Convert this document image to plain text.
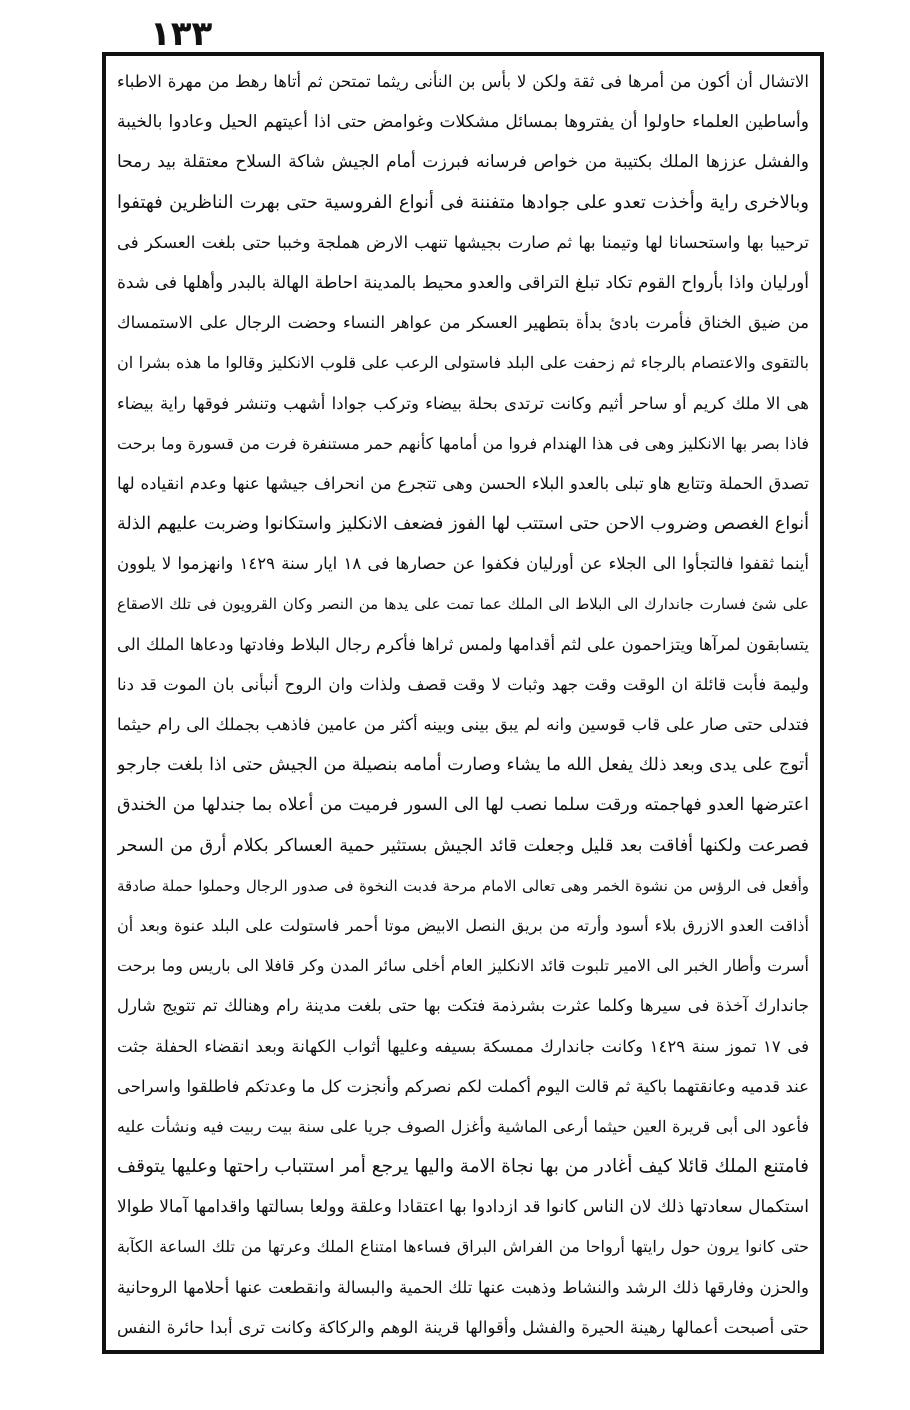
١٣٣
الاتشال أن أكون من أمرها فى ثقة ولكن لا بأس بن النأنى ريثما تمتحن ثم أتاها رهط من مهرة الاطباء
وأساطين العلماء حاولوا أن يفتروها بمسائل مشكلات وغوامض حتى اذا أعيتهم الحيل وعادوا بالخيبة
والفشل عززها الملك بكتيبة من خواص فرسانه فبرزت أمام الجيش شاكة السلاح معتقلة بيد رمحا
وبالاخرى راية وأخذت تعدو على جوادها متفننة فى أنواع الفروسية حتى بهرت الناظرين فهتفوا
ترحيبا بها واستحسانا لها وتيمنا بها ثم صارت بجيشها تنهب الارض هملجة وخببا حتى بلغت العسكر فى
أورليان واذا بأرواح القوم تكاد تبلغ التراقى والعدو محيط بالمدينة احاطة الهالة بالبدر وأهلها فى شدة
من ضيق الخناق فأمرت بادئ بدأة بتطهير العسكر من عواهر النساء وحضت الرجال على الاستمساك
بالتقوى والاعتصام بالرجاء ثم زحفت على البلد فاستولى الرعب على قلوب الانكليز وقالوا ما هذه بشرا ان
هى الا ملك كريم أو ساحر أثيم وكانت ترتدى بحلة بيضاء وتركب جوادا أشهب وتنشر فوقها راية بيضاء
فاذا بصر بها الانكليز وهى فى هذا الهندام فروا من أمامها كأنهم حمر مستنفرة فرت من قسورة وما برحت
تصدق الحملة وتتابع هاو تبلى بالعدو البلاء الحسن وهى تتجرع من انحراف جيشها عنها وعدم انقياده لها
أنواع الغصص وضروب الاحن حتى استتب لها الفوز فضعف الانكليز واستكانوا وضربت عليهم الذلة
أينما ثقفوا فالتجأوا الى الجلاء عن أورليان فكفوا عن حصارها فى ١٨ ايار سنة ١٤٢٩ وانهزموا لا يلوون
على شئ فسارت جاندارك الى البلاط الى الملك عما تمت على يدها من النصر وكان القرويون فى تلك الاصقاع
يتسابقون لمرآها ويتزاحمون على لثم أقدامها ولمس ثراها فأكرم رجال البلاط وفادتها ودعاها الملك الى
وليمة فأبت قائلة ان الوقت وقت جهد وثبات لا وقت قصف ولذات وان الروح أنبأنى بان الموت قد دنا
فتدلى حتى صار على قاب قوسين وانه لم يبق بينى وبينه أكثر من عامين فاذهب بجملك الى رام حيثما
أتوج على يدى وبعد ذلك يفعل الله ما يشاء وصارت أمامه بنصيلة من الجيش حتى اذا بلغت جارجو
اعترضها العدو فهاجمته ورقت سلما نصب لها الى السور فرميت من أعلاه بما جندلها من الخندق
فصرعت ولكنها أفاقت بعد قليل وجعلت قائد الجيش بستثير حمية العساكر بكلام أرق من السحر
وأفعل فى الرؤس من نشوة الخمر وهى تعالى الامام مرحة فدبت النخوة فى صدور الرجال وحملوا حملة صادقة
أذاقت العدو الازرق بلاء أسود وأرته من بريق النصل الابيض موتا أحمر فاستولت على البلد عنوة وبعد أن
أسرت وأطار الخبر الى الامير تلبوت قائد الانكليز العام أخلى سائر المدن وكر قافلا الى باريس وما برحت
جاندارك آخذة فى سيرها وكلما عثرت بشرذمة فتكت بها حتى بلغت مدينة رام وهنالك تم تتويج شارل
فى ١٧ تموز سنة ١٤٢٩ وكانت جاندارك ممسكة بسيفه وعليها أثواب الكهانة وبعد انقضاء الحفلة جثت
عند قدميه وعانقتهما باكية ثم قالت اليوم أكملت لكم نصركم وأنجزت كل ما وعدتكم فاطلقوا واسراحى
فأعود الى أبى قريرة العين حيثما أرعى الماشية وأغزل الصوف جريا على سنة بيت ربيت فيه ونشأت عليه
فامتنع الملك قائلا كيف أغادر من بها نجاة الامة واليها يرجع أمر استتباب راحتها وعليها يتوقف
استكمال سعادتها ذلك لان الناس كانوا قد ازدادوا بها اعتقادا وعلقة وولعا بسالتها واقدامها آمالا طوالا
حتى كانوا يرون حول رايتها أرواحا من الفراش البراق فساءها امتناع الملك وعرتها من تلك الساعة الكآبة
والحزن وفارقها ذلك الرشد والنشاط وذهبت عنها تلك الحمية والبسالة وانقطعت عنها أحلامها الروحانية
حتى أصبحت أعمالها رهينة الحيرة والفشل وأقوالها قرينة الوهم والركاكة وكانت ترى أبدا حائرة النفس
